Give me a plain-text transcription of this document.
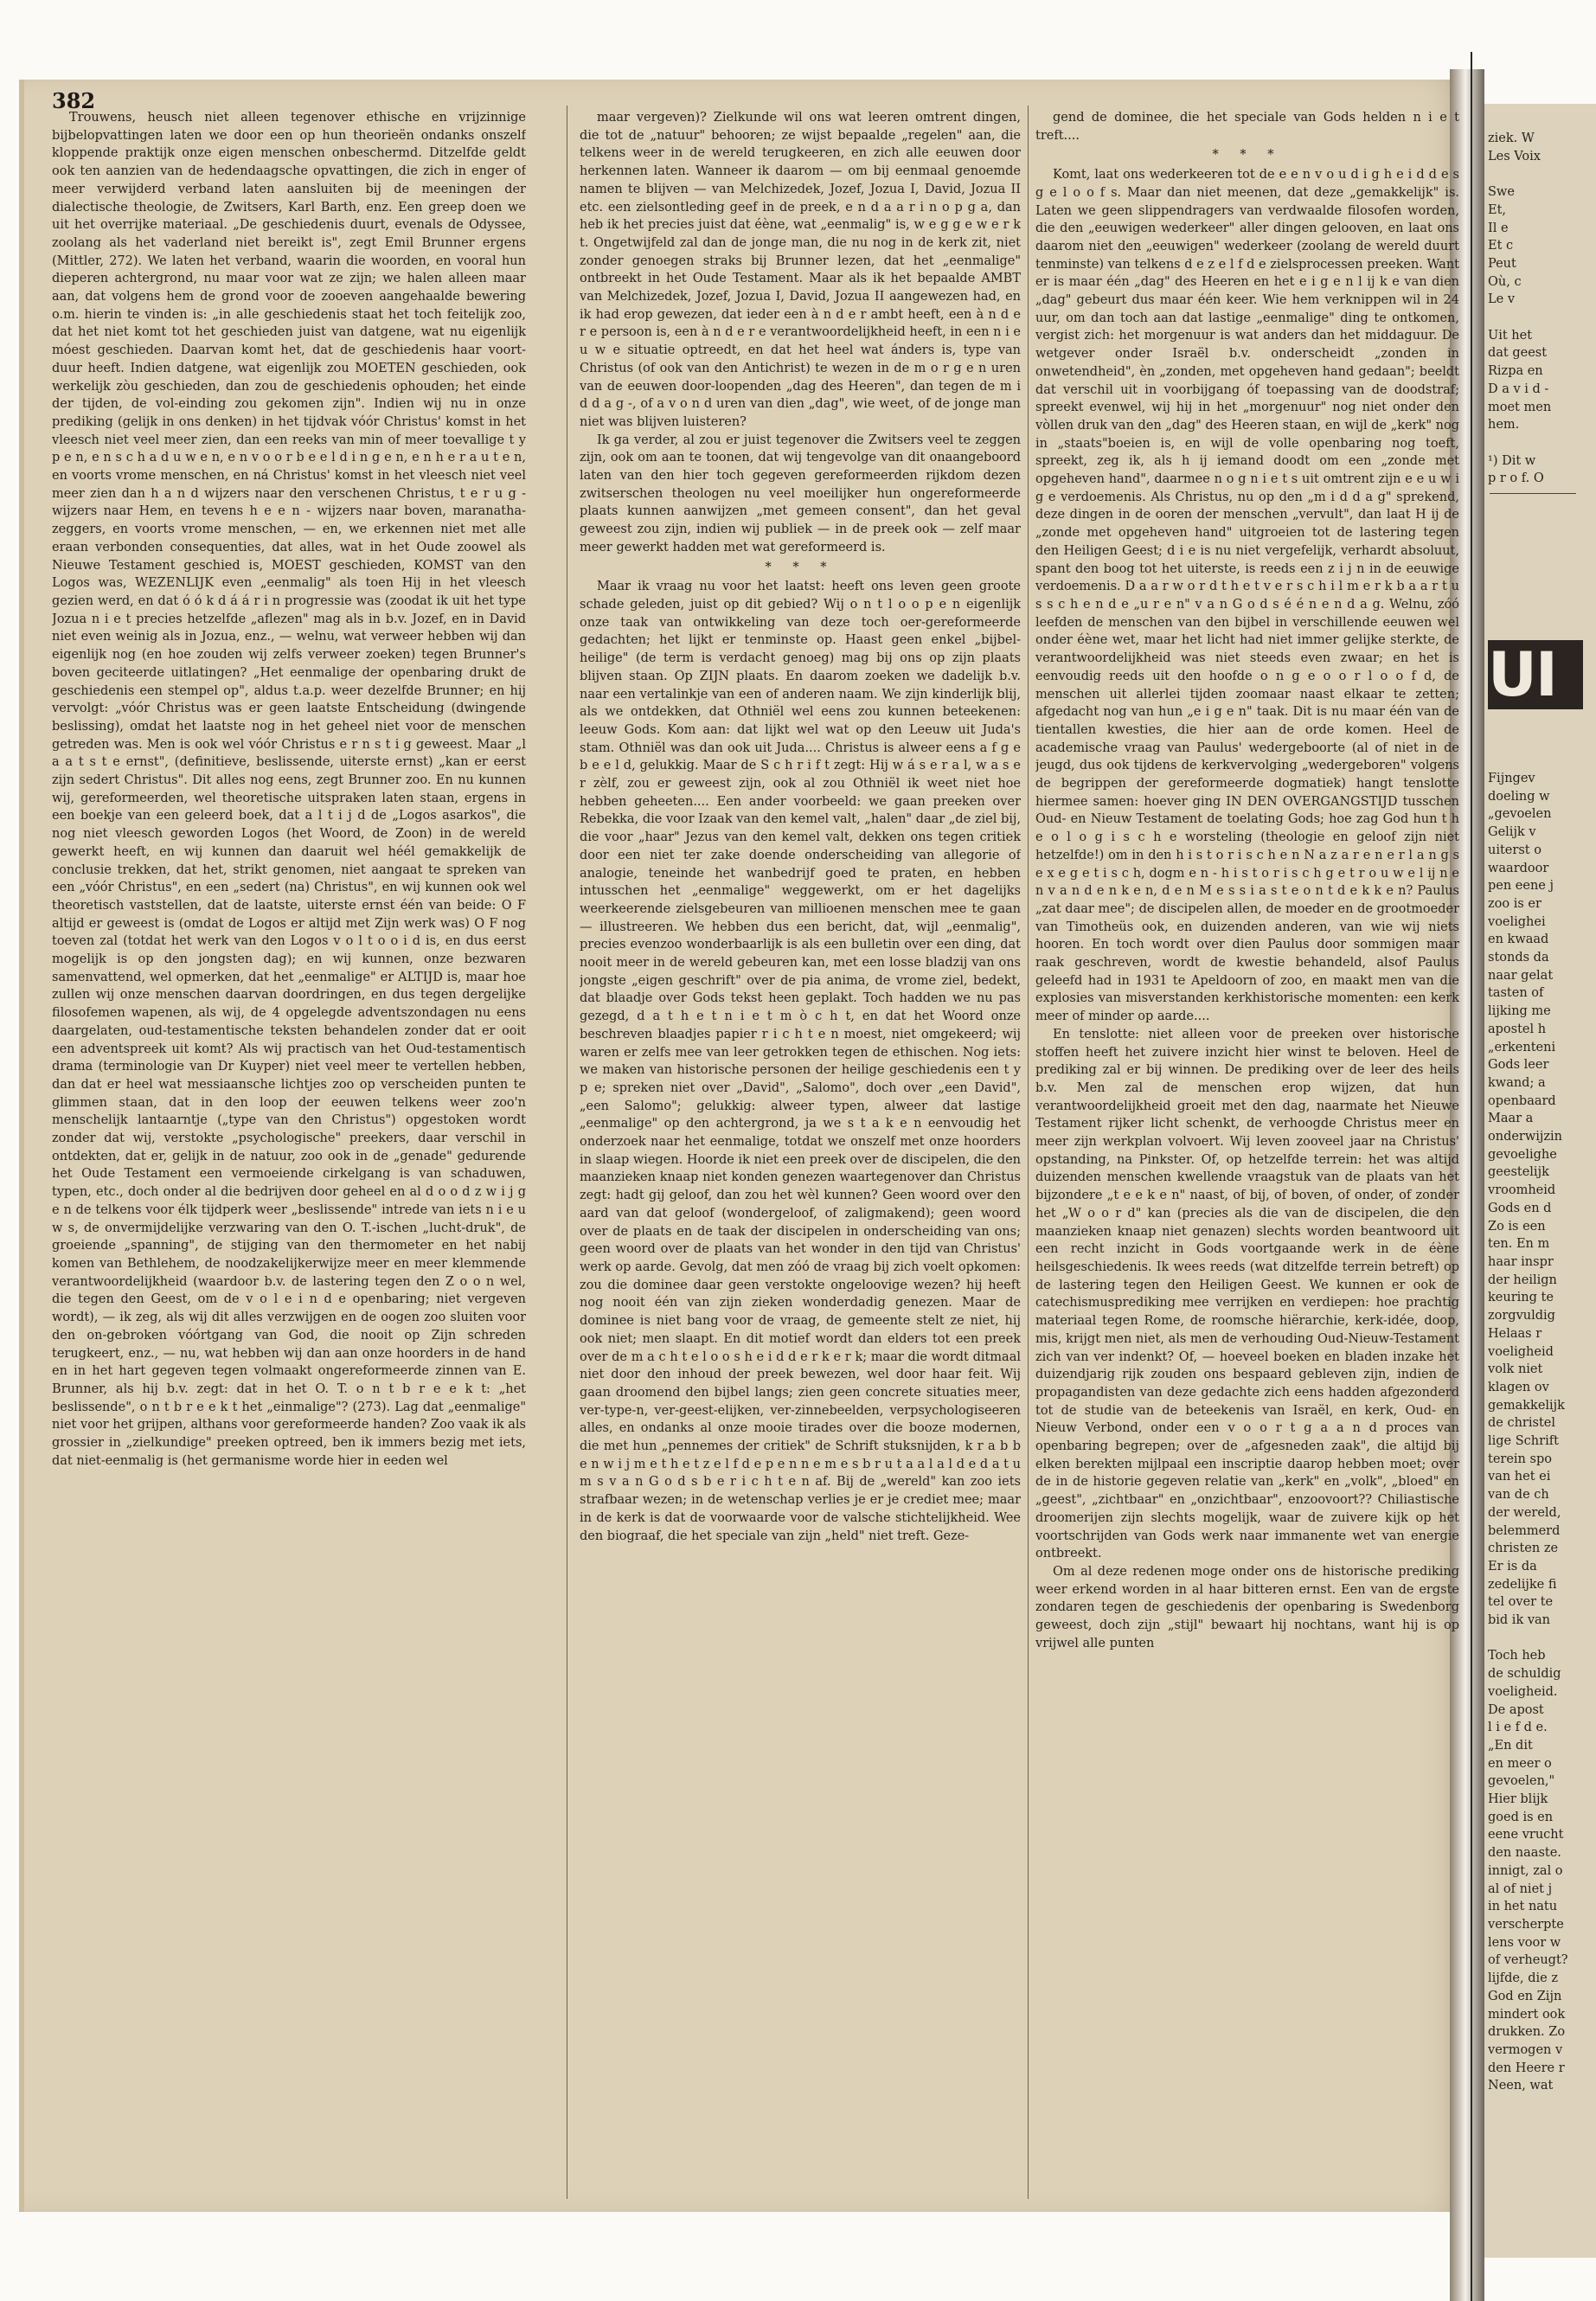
382

Trouwens, heusch niet alleen tegenover ethische en vrijzinnige bijbelopvattingen laten we door een op hun theorieën ondanks onszelf kloppende praktijk onze eigen menschen onbeschermd. Ditzelfde geldt ook ten aanzien van de hedendaagsche opvattingen, die zich in enger of meer verwijderd verband laten aansluiten bij de meeningen der dialectische theologie, de Zwitsers, Karl Barth, enz. Een greep doen we uit het overrijke materiaal. „De geschiedenis duurt, evenals de Odyssee, zoolang als het vaderland niet bereikt is", zegt Emil Brunner ergens (Mittler, 272). We laten het verband, waarin die woorden, en vooral hun dieperen achtergrond, nu maar voor wat ze zijn; we halen alleen maar aan, dat volgens hem de grond voor de zooeven aangehaalde bewering o.m. hierin te vinden is: „in alle geschiedenis staat het toch feitelijk zoo, dat het niet komt tot het geschieden juist van datgene, wat nu eigenlijk móest geschieden. Daarvan komt het, dat de geschiedenis haar voort-duur heeft. Indien datgene, wat eigenlijk zou MOETEN geschieden, ook werkelijk zòu geschieden, dan zou de geschiedenis ophouden; het einde der tijden, de vol-einding zou gekomen zijn". Indien wij nu in onze prediking (gelijk in ons denken) in het tijdvak vóór Christus' komst in het vleesch niet veel meer zien, dan een reeks van min of meer toevallige t y p e n, e n s c h a d u w e n, e n v o o r b e e l d i n g e n, e n h e r a u t e n, en voorts vrome menschen, en ná Christus' komst in het vleesch niet veel meer zien dan h a n d wijzers naar den verschenen Christus, t e r u g - wijzers naar Hem, en tevens h e e n - wijzers naar boven, maranatha-zeggers, en voorts vrome menschen, — en, we erkennen niet met alle eraan verbonden consequenties, dat alles, wat in het Oude zoowel als Nieuwe Testament geschied is, MOEST geschieden, KOMST van den Logos was, WEZENLIJK even „eenmalig" als toen Hij in het vleesch gezien werd, en dat ó ó k d á á r i n progressie was (zoodat ik uit het type Jozua n i e t precies hetzelfde „aflezen" mag als in b.v. Jozef, en in David niet even weinig als in Jozua, enz., — welnu, wat verweer hebben wij dan eigenlijk nog (en hoe zouden wij zelfs verweer zoeken) tegen Brunner's boven geciteerde uitlatingen? „Het eenmalige der openbaring drukt de geschiedenis een stempel op", aldus t.a.p. weer dezelfde Brunner; en hij vervolgt: „vóór Christus was er geen laatste Entscheidung (dwingende beslissing), omdat het laatste nog in het geheel niet voor de menschen getreden was. Men is ook wel vóór Christus e r n s t i g geweest. Maar „l a a t s t e ernst", (definitieve, beslissende, uiterste ernst) „kan er eerst zijn sedert Christus". Dit alles nog eens, zegt Brunner zoo. En nu kunnen wij, gereformeerden, wel theoretische uitspraken laten staan, ergens in een boekje van een geleerd boek, dat a l t i j d de „Logos asarkos", die nog niet vleesch geworden Logos (het Woord, de Zoon) in de wereld gewerkt heeft, en wij kunnen dan daaruit wel héél gemakkelijk de conclusie trekken, dat het, strikt genomen, niet aangaat te spreken van een „vóór Christus", en een „sedert (na) Christus", en wij kunnen ook wel theoretisch vaststellen, dat de laatste, uiterste ernst één van beide: O F altijd er geweest is (omdat de Logos er altijd met Zijn werk was) O F nog toeven zal (totdat het werk van den Logos v o l t o o i d is, en dus eerst mogelijk is op den jongsten dag); en wij kunnen, onze bezwaren samenvattend, wel opmerken, dat het „eenmalige" er ALTIJD is, maar hoe zullen wij onze menschen daarvan doordringen, en dus tegen dergelijke filosofemen wapenen, als wij, de 4 opgelegde adventszondagen nu eens daargelaten, oud-testamentische teksten behandelen zonder dat er ooit een adventspreek uit komt? Als wij practisch van het Oud-testamentisch drama (terminologie van Dr Kuyper) niet veel meer te vertellen hebben, dan dat er heel wat messiaansche lichtjes zoo op verscheiden punten te glimmen staan, dat in den loop der eeuwen telkens weer zoo'n menschelijk lantaarntje („type van den Christus") opgestoken wordt zonder dat wij, verstokte „psychologische" preekers, daar verschil in ontdekten, dat er, gelijk in de natuur, zoo ook in de „genade" gedurende het Oude Testament een vermoeiende cirkelgang is van schaduwen, typen, etc., doch onder al die bedrijven door geheel en al d o o d z w i j g e n de telkens voor élk tijdperk weer „beslissende" intrede van iets n i e u w s, de onvermijdelijke verzwaring van den O. T.-ischen „lucht-druk", de groeiende „spanning", de stijging van den thermometer en het nabij komen van Bethlehem, de noodzakelijkerwijze meer en meer klemmende verantwoordelijkheid (waardoor b.v. de lastering tegen den Z o o n wel, die tegen den Geest, om de v o l e i n d e openbaring; niet vergeven wordt), — ik zeg, als wij dit alles verzwijgen en de oogen zoo sluiten voor den on-gebroken vóórtgang van God, die nooit op Zijn schreden terugkeert, enz., — nu, wat hebben wij dan aan onze hoorders in de hand en in het hart gegeven tegen volmaakt ongereformeerde zinnen van E. Brunner, als hij b.v. zegt: dat in het O. T. o n t b r e e k t: „het beslissende", o n t b r e e k t het „einmalige"? (273). Lag dat „eenmalige" niet voor het grijpen, althans voor gereformeerde handen? Zoo vaak ik als grossier in „zielkundige" preeken optreed, ben ik immers bezig met iets, dat niet-eenmalig is (het germanisme worde hier in eeden wel

maar vergeven)? Zielkunde wil ons wat leeren omtrent dingen, die tot de „natuur" behooren; ze wijst bepaalde „regelen" aan, die telkens weer in de wereld terugkeeren, en zich alle eeuwen door herkennen laten. Wanneer ik daarom — om bij eenmaal genoemde namen te blijven — van Melchizedek, Jozef, Jozua I, David, Jozua II etc. een zielsontleding geef in de preek, e n d a a r i n o p g a, dan heb ik het precies juist dat éène, wat „eenmalig" is, w e g g e w e r k t. Ongetwijfeld zal dan de jonge man, die nu nog in de kerk zit, niet zonder genoegen straks bij Brunner lezen, dat het „eenmalige" ontbreekt in het Oude Testament. Maar als ik het bepaalde AMBT van Melchizedek, Jozef, Jozua I, David, Jozua II aangewezen had, en ik had erop gewezen, dat ieder een à n d e r ambt heeft, een à n d e r e persoon is, een à n d e r e verantwoordelijkheid heeft, in een n i e u w e situatie optreedt, en dat het heel wat ánders is, type van Christus (of ook van den Antichrist) te wezen in de m o r g e n uren van de eeuwen door-loopenden „dag des Heeren", dan tegen de m i d d a g -, of a v o n d uren van dien „dag", wie weet, of de jonge man niet was blijven luisteren?

Ik ga verder, al zou er juist tegenover die Zwitsers veel te zeggen zijn, ook om aan te toonen, dat wij tengevolge van dit onaangeboord laten van den hier toch gegeven gereformeerden rijkdom dezen zwitserschen theologen nu veel moeilijker hun ongereformeerde plaats kunnen aanwijzen „met gemeen consent", dan het geval geweest zou zijn, indien wij publiek — in de preek ook — zelf maar meer gewerkt hadden met wat gereformeerd is.

* * *

Maar ik vraag nu voor het laatst: heeft ons leven geen groote schade geleden, juist op dit gebied? Wij o n t l o o p e n eigenlijk onze taak van ontwikkeling van deze toch oer-gereformeerde gedachten; het lijkt er tenminste op. Haast geen enkel „bijbel-heilige" (de term is verdacht genoeg) mag bij ons op zijn plaats blijven staan. Op ZIJN plaats. En daarom zoeken we dadelijk b.v. naar een vertalinkje van een of anderen naam. We zijn kinderlijk blij, als we ontdekken, dat Othniël wel eens zou kunnen beteekenen: leeuw Gods. Kom aan: dat lijkt wel wat op den Leeuw uit Juda's stam. Othniël was dan ook uit Juda.... Christus is alweer eens a f g e b e e l d, gelukkig. Maar de S c h r i f t zegt: Hij w á s e r a l, w a s e r zèlf, zou er geweest zijn, ook al zou Othniël ik weet niet hoe hebben geheeten.... Een ander voorbeeld: we gaan preeken over Rebekka, die voor Izaak van den kemel valt, „halen" daar „de ziel bij, die voor „haar" Jezus van den kemel valt, dekken ons tegen critiek door een niet ter zake doende onderscheiding van allegorie of analogie, teneinde het wanbedrijf goed te praten, en hebben intusschen het „eenmalige" weggewerkt, om er het dagelijks weerkeerende zielsgebeuren van millioenen menschen mee te gaan — illustreeren. We hebben dus een bericht, dat, wijl „eenmalig", precies evenzoo wonderbaarlijk is als een bulletin over een ding, dat nooit meer in de wereld gebeuren kan, met een losse bladzij van ons jongste „eigen geschrift" over de pia anima, de vrome ziel, bedekt, dat blaadje over Gods tekst heen geplakt. Toch hadden we nu pas gezegd, d a t h e t n i e t m ò c h t, en dat het Woord onze beschreven blaadjes papier r i c h t e n moest, niet omgekeerd; wij waren er zelfs mee van leer getrokken tegen de ethischen. Nog iets: we maken van historische personen der heilige geschiedenis een t y p e; spreken niet over „David", „Salomo", doch over „een David", „een Salomo"; gelukkig: alweer typen, alweer dat lastige „eenmalige" op den achtergrond, ja we s t a k e n eenvoudig het onderzoek naar het eenmalige, totdat we onszelf met onze hoorders in slaap wiegen. Hoorde ik niet een preek over de discipelen, die den maanzieken knaap niet konden genezen waartegenover dan Christus zegt: hadt gij geloof, dan zou het wèl kunnen? Geen woord over den aard van dat geloof (wondergeloof, of zaligmakend); geen woord over de plaats en de taak der discipelen in onderscheiding van ons; geen woord over de plaats van het wonder in den tijd van Christus' werk op aarde. Gevolg, dat men zóó de vraag bij zich voelt opkomen: zou die dominee daar geen verstokte ongeloovige wezen? hij heeft nog nooit één van zijn zieken wonderdadig genezen. Maar de dominee is niet bang voor de vraag, de gemeente stelt ze niet, hij ook niet; men slaapt. En dit motief wordt dan elders tot een preek over de m a c h t e l o o s h e i d d e r k e r k; maar die wordt ditmaal niet door den inhoud der preek bewezen, wel door haar feit. Wij gaan droomend den bijbel langs; zien geen concrete situaties meer, ver-type-n, ver-geest-elijken, ver-zinnebeelden, verpsychologiseeren alles, en ondanks al onze mooie tirades over die booze modernen, die met hun „pennemes der critiek" de Schrift stuksnijden, k r a b b e n w i j m e t h e t z e l f d e p e n n e m e s b r u t a a l a l d e d a t u m s v a n G o d s b e r i c h t e n af. Bij de „wereld" kan zoo iets strafbaar wezen; in de wetenschap verlies je er je crediet mee; maar in de kerk is dat de voorwaarde voor de valsche stichtelijkheid. Wee den biograaf, die het speciale van zijn „held" niet treft. Geze-

gend de dominee, die het speciale van Gods helden n i e t treft....

* * *

Komt, laat ons wederkeeren tot de e e n v o u d i g h e i d d e s g e l o o f s. Maar dan niet meenen, dat deze „gemakkelijk" is. Laten we geen slippendragers van verdwaalde filosofen worden, die den „eeuwigen wederkeer" aller dingen gelooven, en laat ons daarom niet den „eeuwigen" wederkeer (zoolang de wereld duurt tenminste) van telkens d e z e l f d e zielsprocessen preeken. Want er is maar één „dag" des Heeren en het e i g e n l ij k e van dien „dag" gebeurt dus maar één keer. Wie hem verknippen wil in 24 uur, om dan toch aan dat lastige „eenmalige" ding te ontkomen, vergist zich: het morgenuur is wat anders dan het middaguur. De wetgever onder Israël b.v. onderscheidt „zonden in onwetendheid", èn „zonden, met opgeheven hand gedaan"; beeldt dat verschil uit in voorbijgang óf toepassing van de doodstraf; spreekt evenwel, wij hij in het „morgenuur" nog niet onder den vòllen druk van den „dag" des Heeren staan, en wijl de „kerk" nog in „staats"boeien is, en wijl de volle openbaring nog toeft, spreekt, zeg ik, als h ij iemand doodt om een „zonde met opgeheven hand", daarmee n o g n i e t s uit omtrent zijn e e u w i g e verdoemenis. Als Christus, nu op den „m i d d a g" sprekend, deze dingen in de ooren der menschen „vervult", dan laat H ij de „zonde met opgeheven hand" uitgroeien tot de lastering tegen den Heiligen Geest; d i e is nu niet vergefelijk, verhardt absoluut, spant den boog tot het uiterste, is reeds een z i j n in de eeuwige verdoemenis. D a a r w o r d t h e t v e r s c h i l m e r k b a a r t u s s c h e n d e „u r e n" v a n G o d s é é n e n d a g. Welnu, zóó leefden de menschen van den bijbel in verschillende eeuwen wel onder éène wet, maar het licht had niet immer gelijke sterkte, de verantwoordelijkheid was niet steeds even zwaar; en het is eenvoudig reeds uit den hoofde o n g e o o r l o o f d, de menschen uit allerlei tijden zoomaar naast elkaar te zetten; afgedacht nog van hun „e i g e n" taak. Dit is nu maar één van de tientallen kwesties, die hier aan de orde komen. Heel de academische vraag van Paulus' wedergeboorte (al of niet in de jeugd, dus ook tijdens de kerkvervolging „wedergeboren" volgens de begrippen der gereformeerde dogmatiek) hangt tenslotte hiermee samen: hoever ging IN DEN OVERGANGSTIJD tusschen Oud- en Nieuw Testament de toelating Gods; hoe zag God hun t h e o l o g i s c h e worsteling (theologie en geloof zijn niet hetzelfde!) om in den h i s t o r i s c h e n N a z a r e n e r l a n g s e x e g e t i s c h, dogm e n - h i s t o r i s c h g e t r o u w e l ij n e n v a n d e n k e n, d e n M e s s i a s t e o n t d e k k e n? Paulus „zat daar mee"; de discipelen allen, de moeder en de grootmoeder van Timotheüs ook, en duizenden anderen, van wie wij niets hooren. En toch wordt over dien Paulus door sommigen maar raak geschreven, wordt de kwestie behandeld, alsof Paulus geleefd had in 1931 te Apeldoorn of zoo, en maakt men van die explosies van misverstanden kerkhistorische momenten: een kerk meer of minder op aarde....

En tenslotte: niet alleen voor de preeken over historische stoffen heeft het zuivere inzicht hier winst te beloven. Heel de prediking zal er bij winnen. De prediking over de leer des heils b.v. Men zal de menschen erop wijzen, dat hun verantwoordelijkheid groeit met den dag, naarmate het Nieuwe Testament rijker licht schenkt, de verhoogde Christus meer en meer zijn werkplan volvoert. Wij leven zooveel jaar na Christus' opstanding, na Pinkster. Of, op hetzelfde terrein: het was altijd duizenden menschen kwellende vraagstuk van de plaats van het bijzondere „t e e k e n" naast, of bij, of boven, of onder, of zonder het „W o o r d" kan (precies als die van de discipelen, die den maanzieken knaap niet genazen) slechts worden beantwoord uit een recht inzicht in Gods voortgaande werk in de éène heilsgeschiedenis. Ik wees reeds (wat ditzelfde terrein betreft) op de lastering tegen den Heiligen Geest. We kunnen er ook de catechismusprediking mee verrijken en verdiepen: hoe prachtig materiaal tegen Rome, de roomsche hiërarchie, kerk-idée, doop, mis, krijgt men niet, als men de verhouding Oud-Nieuw-Testament zich van ver indenkt? Of, — hoeveel boeken en bladen inzake het duizendjarig rijk zouden ons bespaard gebleven zijn, indien de propagandisten van deze gedachte zich eens hadden afgezonderd tot de studie van de beteekenis van Israël, en kerk, Oud- en Nieuw Verbond, onder een v o o r t g a a n d proces van openbaring begrepen; over de „afgesneden zaak", die altijd bij elken berekten mijlpaal een inscriptie daarop hebben moet; over de in de historie gegeven relatie van „kerk" en „volk", „bloed" en „geest", „zichtbaar" en „onzichtbaar", enzoovoort?? Chiliastische droomerijen zijn slechts mogelijk, waar de zuivere kijk op het voortschrijden van Gods werk naar immanente wet van energie ontbreekt.

Om al deze redenen moge onder ons de historische prediking weer erkend worden in al haar bitteren ernst. Een van de ergste zondaren tegen de geschiedenis der openbaring is Swedenborg geweest, doch zijn „stijl" bewaart hij nochtans, want hij is op vrijwel alle punten

ziek. W
Les Voix

Swe
Et,
Il e
Et c
Peut
Où, c
Le v

Uit het
dat geest
Rizpa en
D a v i d -
moet men
hem.

¹) Dit w
p r o f. O
UI
Fijngev
doeling w
„gevoelen
Gelijk v
uiterst o
waardoor
pen eene j
zoo is er
voelighei
en kwaad
stonds da
naar gelat
tasten of
lijking me
apostel h
„erkenteni
Gods leer
kwand; a
openbaard
Maar a
onderwijzin
gevoelighe
geestelijk
vroomheid
Gods en d
Zo is een
ten. En m
haar inspr
der heilign
keuring te
zorgvuldig
Helaas r
voeligheid
volk niet
klagen ov
gemakkelijk
de christel
lige Schrift
terein spo
van het ei
van de ch
der wereld,
belemmerd
christen ze
Er is da
zedelijke fi
tel over te
bid ik van

Toch heb
de schuldig
voeligheid.
De apost
l i e f d e.
„En dit
en meer o
gevoelen,"
Hier blijk
goed is en
eene vrucht
den naaste.
innigt, zal o
al of niet j
in het natu
verscherpte
lens voor w
of verheugt?
lijfde, die z
God en Zijn
mindert ook
drukken. Zo
vermogen v
den Heere r
Neen, wat
